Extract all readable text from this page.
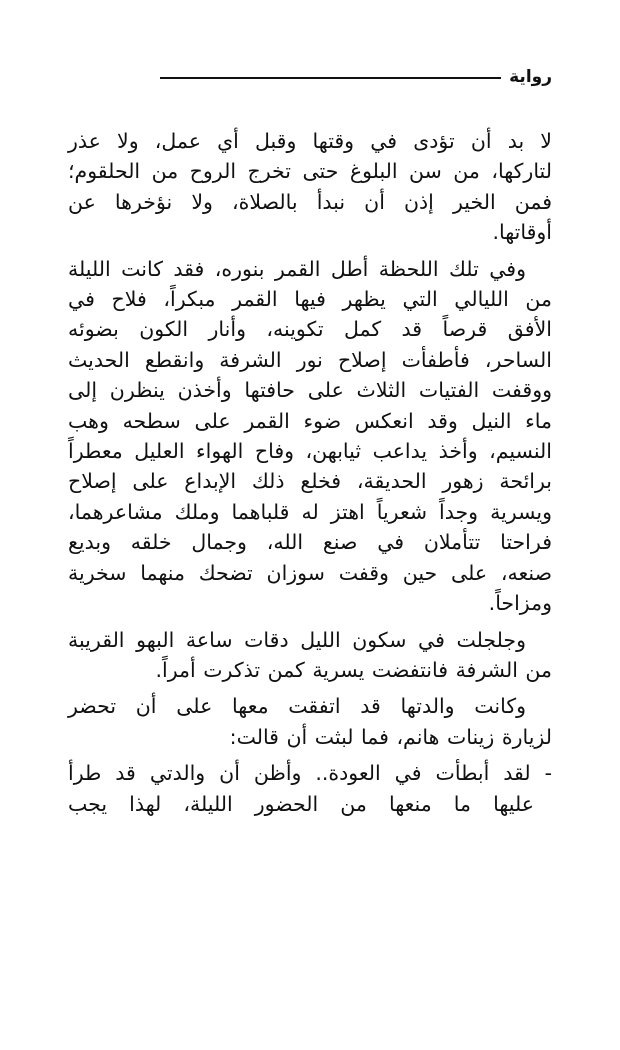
رواية

لا بد أن تؤدى في وقتها وقبل أي عمل، ولا عذر
لتاركها، من سن البلوغ حتى تخرج الروح من الحلقوم؛
فمن الخير إذن أن نبدأ بالصلاة، ولا نؤخرها عن
أوقاتها.

وفي تلك اللحظة أطل القمر بنوره، فقد كانت الليلة
من الليالي التي يظهر فيها القمر مبكراً، فلاح في
الأفق قرصاً قد كمل تكوينه، وأنار الكون بضوئه
الساحر، فأطفأت إصلاح نور الشرفة وانقطع الحديث
ووقفت الفتيات الثلاث على حافتها وأخذن ينظرن إلى
ماء النيل وقد انعكس ضوء القمر على سطحه وهب
النسيم، وأخذ يداعب ثيابهن، وفاح الهواء العليل معطراً
برائحة زهور الحديقة، فخلع ذلك الإبداع على إصلاح
ويسرية وجداً شعرياً اهتز له قلباهما وملك مشاعرهما،
فراحتا تتأملان في صنع الله، وجمال خلقه وبديع
صنعه، على حين وقفت سوزان تضحك منهما سخرية
ومزاحاً.

وجلجلت في سكون الليل دقات ساعة البهو القريبة
من الشرفة فانتفضت يسرية كمن تذكرت أمراً.

وكانت والدتها قد اتفقت معها على أن تحضر
لزيارة زينات هانم، فما لبثت أن قالت:

- لقد أبطأت في العودة.. وأظن أن والدتي قد طرأ
عليها ما منعها من الحضور الليلة، لهذا يجب
